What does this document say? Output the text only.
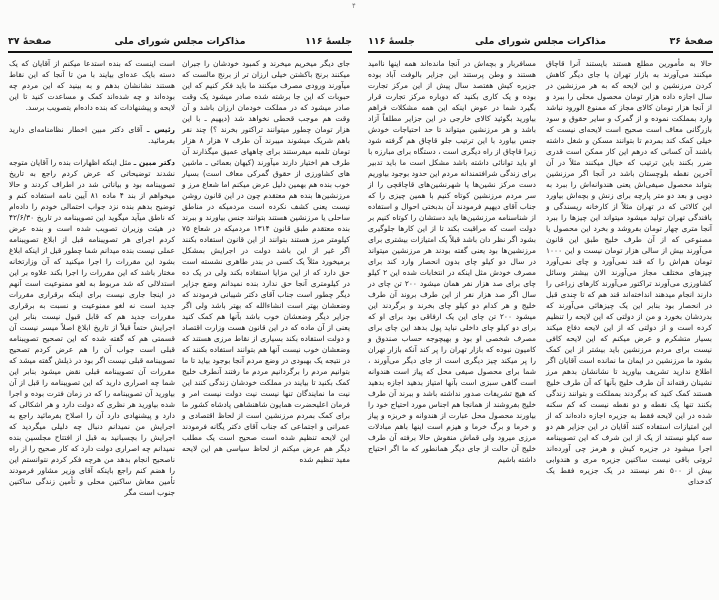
۴
صفحهٔ ۳۷	مذاکرات مجلس شورای ملی	جلسهٔ ۱۱۶
جای دیگر میخریم میخرند و کمبود خودشان را جبران میکنند برنج باکشتن خیلی ارزان تر از برنج مالست که میآورند ورودی مصرف میکنند ما باید فکر کنیم که این حبوبات که این جا برشته شده صادر میشود یک وقت صادر میشود که در مملکت خودمان ارزان باشد و آن وقت هم موجب قحطی نخواهد شد (دیهیم ـ با این هزار تومان چطور میتوانند تراکتور بخرند ؟) چند نفر باهم شریک میشوند میبرند آن طرف ۷ هزار ۸ هزار تومان تلمبه میفرستند برای چاههای عمیق میگذارند آن طرف هم اختیار دارند میآورند (کیهان بعمائی ـ ماشین های کشاورزی از حقوق گمرکی معاف است) بسیار خوب بنده هم بهمین دلیل عرض میکنم اما شعاع مرز و مرزنشین‌ها بنده هم معتقدم چون در این قانون روشن نیست یعنی کشف نکرده است مردمیکه در مناطق ساحلی یا مرزنشین هستند بتوانند جنس بیاورند و ببرند بنده معتقدم طبق قانون ۱۳۱۴ مردمیکه در شعاع ۷۵ کیلومتر مرز هستند بتوانند از این قانون استفاده بکنند اگر غیر از این باشد دولت در اجرایش بمشکل برمیخورد مثلاً یک کسی در بندر طاهری نشسته است حق دارد که از این مزایا استفاده بکند ولی در یک ده در کیلومتری آنجا حق ندارد بنده نمیدانم وضع جزایر دیگر چطور است جناب آقای دکتر شیبانی فرمودند که وضعشان بهتر است انشاءالله که بهتر باشد ولی اگر جزایر دیگر وضعشان خوب باشد بآنها هم کمک کنید یعنی از آن ماده که در این قانون هست وزارت اقتصاد و دولت استفاده بکند بسیاری از نقاط مرزی هستند که وضعشان خوب نیست آنها هم بتوانند استفاده بکنند که در نتیجه یک بهبودی در وضع مردم آنجا بوجود بیاید تا ما بتوانیم مردم را برگردانیم مردم ما رفتند آنطرف خلیج کمک بکنید تا بیایند در مملکت خودشان زندگی کنند این نیت ما نمایندگان تنها نیست نیت دولت نیست امر و فرمان اعلیحضرت همایون شاهنشاهی پادشاه کشور ما برای کمک بمردم مرزنشین است از لحاظ اقتصادی و عمرانی و اجتماعی که جناب آقای دکتر یگانه فرمودند این لایحه تنظیم شده است صحیح است یک مطلب دیگر هم عرض میکنم از لحاظ سیاسی هم این لایحه مفید تنظیم شده
است اینست که بنده استدعا میکنم از آقایان که یک دسته بایک عده‌ای بیایند با من تا آنجا که این نقاط هستند نشانشان بدهم و به بینید که این مردم چه بوده‌اند و چه شده‌اند کمک و مساعدت کنید تا این لایحه و پیشنهادات که بنده داده‌ام بتصویب برسد.

رئیس ـ آقای دکتر مبین اخطار نظامنامه‌ای دارید بفرمائید.

دکتر مبین ـ مثل اینکه اظهارات بنده را آقایان متوجه نشدند توضیحاتی که عرض کردم راجع به تاریخ تصویبنامه بود و بیاناتی شد در اطراف کردند و حالا میخواهم از بند ۴ ماده ۸۱ آیین نامه استفاده کنم و توضیح بدهم بنده نزد جواب احتمالی خودم را داده‌ام که ناطق میآید میگوید این تصویبنامه در تاریخ ۴۲/۶/۳۰ در هیئت وزیران تصویب شده است و بنده عرض کردم اجرای هر تصویبنامه قبل از ابلاغ تصویبنامه عملی نیست بنده میدانم شما چطور قبل از اینکه ابلاغ بشود این مقررات را اجرا میکنید که آن وزارتخانه مختار باشد که این مقررات را اجرا بکند علاوه بر این استدلالی که شد مربوط به لغو ممنوعیت است آنهم در اینجا جاری نیست برای اینکه برقراری مقررات جدید است نه لغو ممنوعیت و نسبت به برقراری مقررات جدید هم که قابل قبول نیست بنابر این اجرایش حتماً قبلاً از تاریخ ابلاغ اصلاً میسر نیست آن قسمتی هم که گفته شده که این تصحیح تصویبنامه قبلی است جواب آن را هم عرض کردم تصحیح تصویبنامه قبلی نیست اگر بود در ذیلش گفته میشد که مقررات آن تصویبنامه قبلی نقض میشود بنابر این شما چه اصراری دارید که این تصویبنامه را قبل از آن بیاورید آن تصویبنامه را که در زمان فترت بوده و اجرا شده بیاورید هر نظری که دولت دارد و هر اشکالی که دارد و پیشنهادی دارد آن را اصلاح بفرمائید راجع به اجرایش من نمیدانم دنبال چه دلیلی میگردید که اجرایش را بچسبانید به قبل از افتتاح مجلسین بنده نمیدانم چه اصراری دولت دارد که کار صحیح را از راه ناصحیح انجام بدهد من هرچه فکر کردم نتوانستم این را هضم کنم راجع باینکه آقای وزیر مشاور فرمودند تأمین معاش ساکنین محلی و تأمین زندگی ساکنین جنوب است مگر
جلسهٔ ۱۱۶	مذاکرات مجلس شورای ملی	صفحهٔ ۳۶
حالا به مأمورین مطلع هستند بایستند آنرا قاچاق میکنند می‌آورند به بازار تهران یا جای دیگر کاهش کردن مرزنشین و این لایحه که به هر مرزنشین در سال اجازه داده هزار تومان محصول محلی را ببرد و از آنجا هزار تومان کالای مجاز که ممنوع الورود نباشد وارد بمملکت نموده و از گمرک و سایر حقوق و سود بازرگانی معاف است صحیح است لایحه‌ای نیست که خیلی کمک کند بمردم تا بتوانند مسکن و شغل داشته باشند آن کسانی که درهم این کار ممکن است قدری ضرر بکنند باین ترتیب که خیال میکنند مثلاً در آن آخرین نقطه بلوچستان باشد در آنجا اگر مرزنشین بتواند محصول صیفی‌اش یعنی هندوانه‌اش را ببرد به دوبی و بعد دو متر پارچه برای زنش و بچه‌اش بیاورد این کالائی که در تهران مثلاً از کارخانه ریسندگی و بافندگی تهران تولید میشود میتواند این چیزها را ببرد آنجا متری چهار تومان بفروشد و بخرد این محصول یا مصنوعی که از آن طرف خلیج طبق این قانون می‌آورند بیش از سالی هزار تومان نیست و این ۱۰۰۰ تومان هم‌اش را که قند نمی‌آورد و چای نمی‌آورد چیزهای مختلف مجاز می‌آورند الان بیشتر وسائل کشاورزی می‌آورند تراکتور می‌آورند کارهای زراعی را دارند انجام میدهند انداخته‌اند قند هم که تا چندی قبل در انحصار بود بنابر این یک چیزهائی می‌آورند که بدردشان بخورد و من از دولتی که این لایحه را تنظیم کرده است و از دولتی که از این لایحه دفاع میکند بسیار متشکرم و عرض میکنم که این لایحه کافی نیست برای مردم مرزنشین باید بیشتر از این کمک بشود ما مرزنشین در ایمان ما نمانده است آقایان اگر اطلاع ندارید تشریف بیاورید تا نشانشان بدهم مرز نشینان رفته‌اند آن طرف خلیج بآنها که آن طرف خلیج هستند کمک کنید که برگردند بمملکت و بتوانند زندگی بکنند تنها یک نقطه و دو نقطه نیست که کم سکنه شده در این لایحه فقط به جزیره اجازه داده‌اند که از این امتیازات استفاده کنند آقایان در این جزایر هم دو سه کیلو نیستند از یک از این شرف که این تصویبنامه اجرا میشود در جزیره کیش و هرمز چی آورده‌اند ثروتی باقی نیست ساکنین جزیره مری و هندوابی بیش از ۵۰۰ نفر نیستند در یک جزیره فقط یک کدخدای
مسافربار و بچه‌اش در آنجا مانده‌اند همه اینها ناامید هستند و وطن پرستند این جزایر بالوفت آباد بوده جزیره کیش هفتصد سال پیش از این مرکز تجارت بوده و یک کاری بکنید که دوباره مرکز تجارت قرار بگیرد شما در عوض اینکه این همه مشکلات فراهم بیاورید بگوئید کالای خارجی در این جزایر مطلقاً آزاد باشد و هر مرزنشین میتواند تا حد احتیاجات خودش جنس بیاورد با این ترتیب جلو قاچاق هم گرفته شود زیرا قاچاق از راه دیگری است ، دستگاه برای مبارزه با او باید توانائی داشته باشد مشکل است ما باید تدبیر برای زندگی شرافتمندانه مردم این حدود بوجود بیاوریم دست مرکز نشین‌ها یا شهرنشین‌های قاچاقچی را از سر مردم مرزنشین کوتاه کنیم با همین چیزی را که جناب آقای دیهیم فرمودند آن بدبختی احوال و استفاده از شناسنامه مرزنشین‌ها باید دستشان را کوتاه کنیم بر دولت است که مراقبت بکند تا از این کارها جلوگیری بشود اگر نظر دان باشد قبلاً یک امتیازات بیشتری برای مرزنشین‌ها بود یعنی گفته بودند هر مرزنشین میتواند در سال دو کیلو چای بدون انحصار وارد کند برای مصرف خودش مثل اینکه در انتخابات شده این ۲ کیلو چای برای صد هزار نفر همان میشود ۲۰۰ تن چای در سال اگر صد هزار نفر از این طرف بروند آن طرف خلیج و هر کدام دو کیلو چای بخرند و برگردند این میشود ۲۰۰ تن چای این یک ارفاقی بود برای او که برای دو کیلو چای داخلی نباید پول بدهد این چای برای مصرف شخصی او بود و بهیچوجه حساب صندوق و کامیون نبوده که بازار تهران را پر کند آنکه بازار تهران را پر میکند چیز دیگری است از جای دیگر می‌آورند ، شما برای محصول صیفی محل که پیاز است هندوانه است گاهی سبزی است بآنها امتیاز بدهید اجازه بدهید که هیچ تشریفات صدور نداشته باشد و ببرند آن طرف خلیج بفروشند از همانجا هم اجناس مورد احتیاج خود را بیاورند محصول محل عبارت از هندوانه و خربزه و پیاز و خرما و برگ خرما و هیزم است اینها باهم مبادلات مرزی میرود ولی قماش منقوش حالا برفته آن طرف خلیج آن حالت از جای دیگر همانطور که ما اگر احتیاج داشته باشیم
